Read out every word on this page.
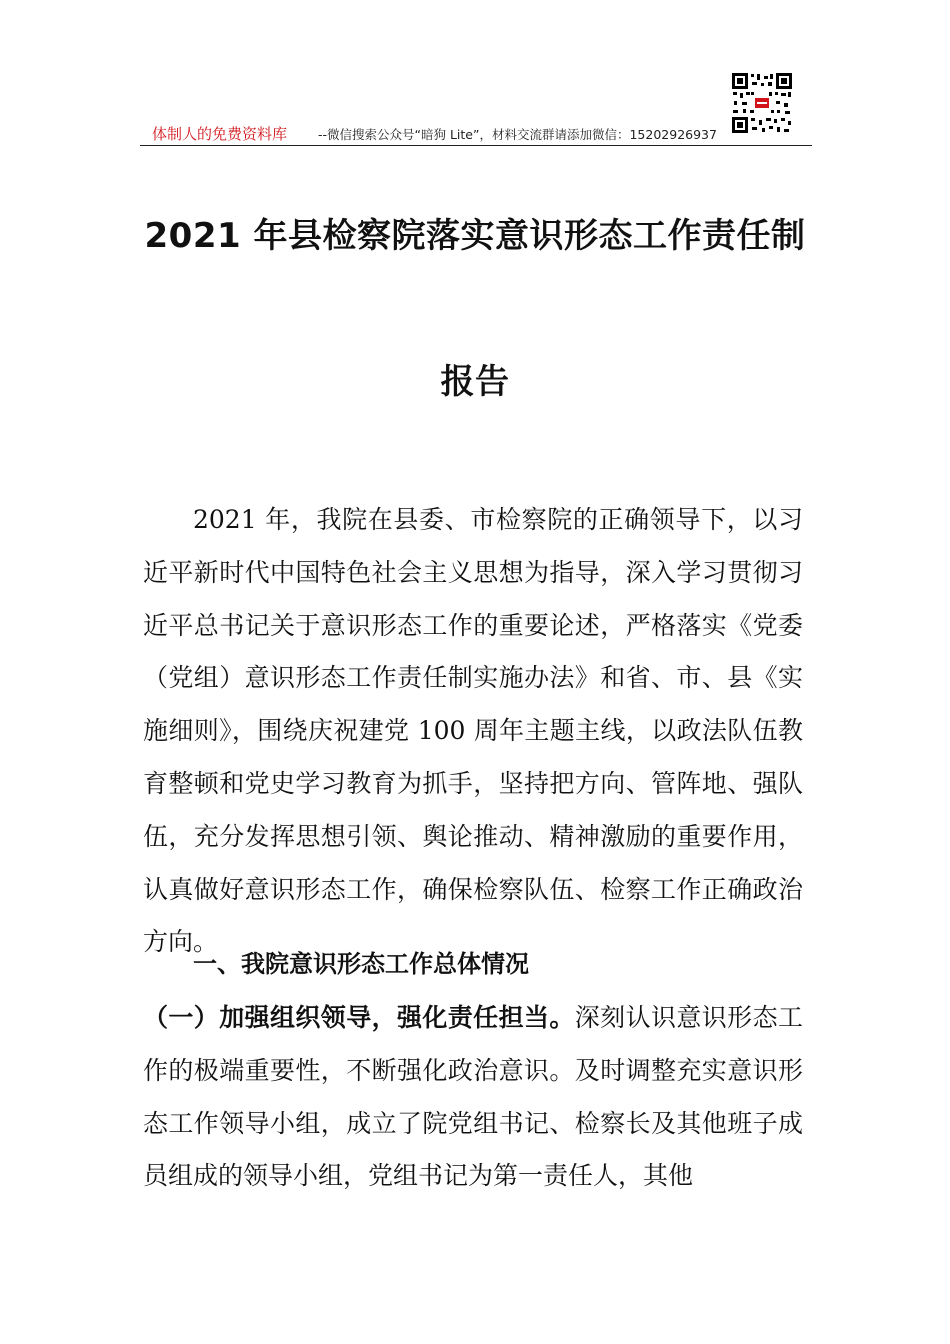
体制人的免费资料库 --微信搜索公众号“暗狗 Lite”，材料交流群请添加微信：15202926937
2021 年县检察院落实意识形态工作责任制
报告
2021 年，我院在县委、市检察院的正确领导下，以习近平新时代中国特色社会主义思想为指导，深入学习贯彻习近平总书记关于意识形态工作的重要论述，严格落实《党委（党组）意识形态工作责任制实施办法》和省、市、县《实施细则》，围绕庆祝建党 100 周年主题主线，以政法队伍教育整顿和党史学习教育为抓手，坚持把方向、管阵地、强队伍，充分发挥思想引领、舆论推动、精神激励的重要作用，认真做好意识形态工作，确保检察队伍、检察工作正确政治方向。
一、我院意识形态工作总体情况
（一）加强组织领导，强化责任担当。深刻认识意识形态工作的极端重要性，不断强化政治意识。及时调整充实意识形态工作领导小组，成立了院党组书记、检察长及其他班子成员组成的领导小组，党组书记为第一责任人，其他
